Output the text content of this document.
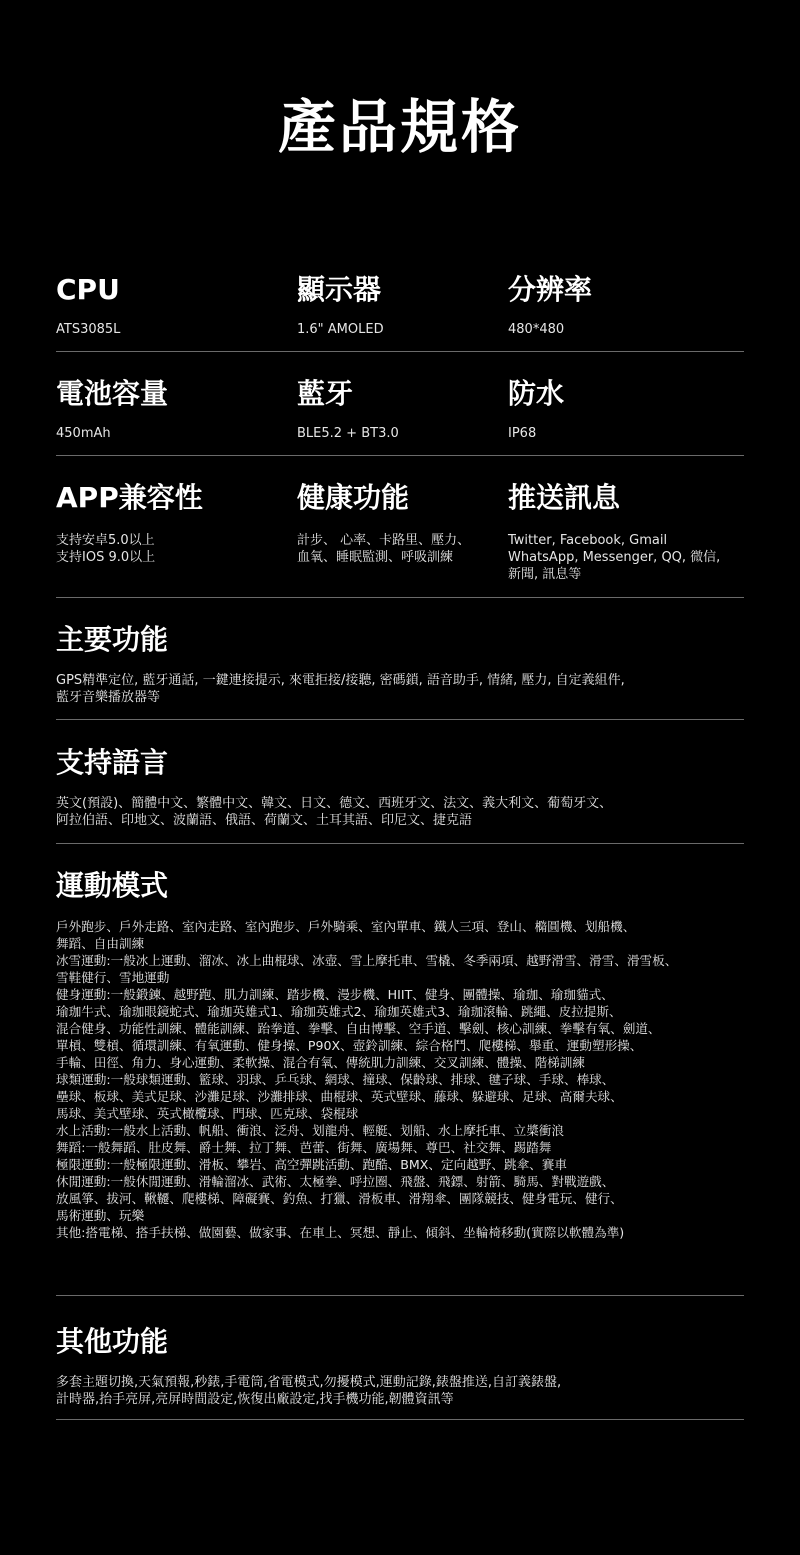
產品規格
CPU
ATS3085L
顯示器
1.6" AMOLED
分辨率
480*480
電池容量
450mAh
藍牙
BLE5.2 + BT3.0
防水
IP68
APP兼容性
支持安卓5.0以上
支持IOS 9.0以上
健康功能
計步、 心率、卡路里、壓力、
血氧、睡眠監測、呼吸訓練
推送訊息
Twitter, Facebook, Gmail
WhatsApp, Messenger, QQ, 微信,
新聞, 訊息等
主要功能
GPS精準定位, 藍牙通話, 一鍵連接提示, 來電拒接/接聽, 密碼鎖, 語音助手, 情緒, 壓力, 自定義組件,
藍牙音樂播放器等
支持語言
英文(預設)、簡體中文、繁體中文、韓文、日文、德文、西班牙文、法文、義大利文、葡萄牙文、
阿拉伯語、印地文、波蘭語、俄語、荷蘭文、土耳其語、印尼文、捷克語
運動模式
戶外跑步、戶外走路、室內走路、室內跑步、戶外騎乘、室內單車、鐵人三項、登山、橢圓機、划船機、
舞蹈、自由訓練
冰雪運動:一般冰上運動、溜冰、冰上曲棍球、冰壺、雪上摩托車、雪橇、冬季兩項、越野滑雪、滑雪、滑雪板、
雪鞋健行、雪地運動
健身運動:一般鍛鍊、越野跑、肌力訓練、踏步機、漫步機、HIIT、健身、團體操、瑜珈、瑜珈貓式、
瑜珈牛式、瑜珈眼鏡蛇式、瑜珈英雄式1、瑜珈英雄式2、瑜珈英雄式3、瑜珈滾輪、跳繩、皮拉提斯、
混合健身、功能性訓練、體能訓練、跆拳道、拳擊、自由博擊、空手道、擊劍、核心訓練、拳擊有氧、劍道、
單槓、雙槓、循環訓練、有氧運動、健身操、P90X、壺鈴訓練、綜合格鬥、爬樓梯、舉重、運動塑形操、
手輪、田徑、角力、身心運動、柔軟操、混合有氧、傳統肌力訓練、交叉訓練、體操、階梯訓練
球類運動:一般球類運動、籃球、羽球、乒乓球、網球、撞球、保齡球、排球、毽子球、手球、棒球、
壘球、板球、美式足球、沙灘足球、沙灘排球、曲棍球、英式壁球、藤球、躲避球、足球、高爾夫球、
馬球、美式壁球、英式橄欖球、門球、匹克球、袋棍球
水上活動:一般水上活動、帆船、衝浪、泛舟、划龍舟、輕艇、划船、水上摩托車、立槳衝浪
舞蹈:一般舞蹈、肚皮舞、爵士舞、拉丁舞、芭蕾、街舞、廣場舞、尊巴、社交舞、踢踏舞
極限運動:一般極限運動、滑板、攀岩、高空彈跳活動、跑酷、BMX、定向越野、跳傘、賽車
休閒運動:一般休閒運動、滑輪溜冰、武術、太極拳、呼拉圈、飛盤、飛鏢、射箭、騎馬、對戰遊戲、
放風箏、拔河、鞦韆、爬樓梯、障礙賽、釣魚、打獵、滑板車、滑翔傘、團隊競技、健身電玩、健行、
馬術運動、玩樂
其他:搭電梯、搭手扶梯、做園藝、做家事、在車上、冥想、靜止、傾斜、坐輪椅移動(實際以軟體為準)
其他功能
多套主題切換,天氣預報,秒錶,手電筒,省電模式,勿擾模式,運動記錄,錶盤推送,自訂義錶盤,
計時器,抬手亮屏,亮屏時間設定,恢復出廠設定,找手機功能,韌體資訊等
